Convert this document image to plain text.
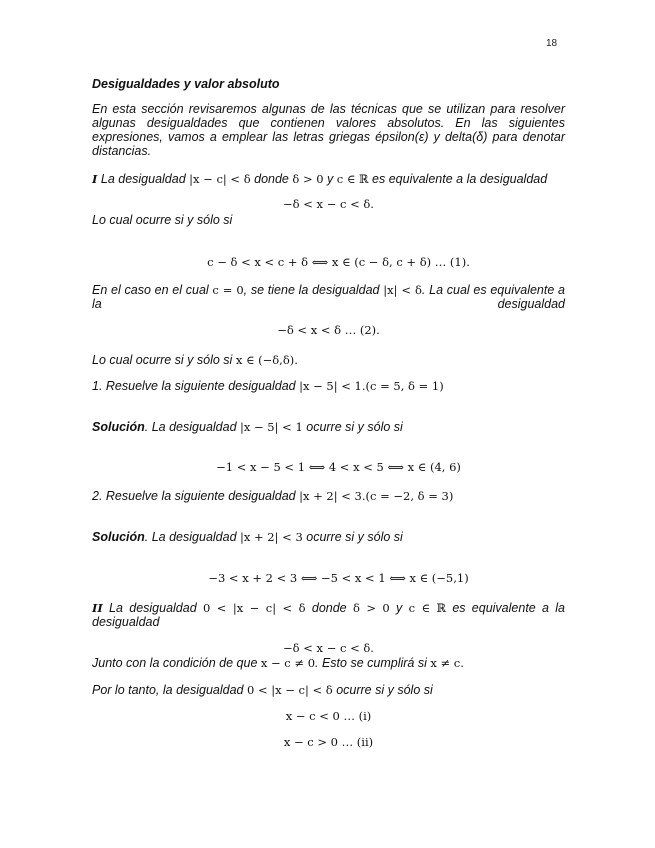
18
Desigualdades y valor absoluto
En esta sección revisaremos algunas de las técnicas que se utilizan para resolver algunas desigualdades que contienen valores absolutos. En las siguientes expresiones, vamos a emplear las letras griegas épsilon(ε) y delta(δ) para denotar distancias.
I La desigualdad |x − c| < δ donde δ > 0 y c ∈ ℝ es equivalente a la desigualdad
−δ < x − c < δ.
Lo cual ocurre si y sólo si
c − δ < x < c + δ ⟺ x ∈ (c − δ, c + δ) … (1).
En el caso en el cual c = 0, se tiene la desigualdad |x| < δ. La cual es equivalente a la desigualdad
−δ < x < δ … (2).
Lo cual ocurre si y sólo si x ∈ (−δ,δ).
1. Resuelve la siguiente desigualdad |x − 5| < 1.(c = 5, δ = 1)
Solución. La desigualdad |x − 5| < 1 ocurre si y sólo si
−1 < x − 5 < 1 ⟺ 4 < x < 5 ⟺ x ∈ (4, 6)
2. Resuelve la siguiente desigualdad |x + 2| < 3.(c = −2, δ = 3)
Solución. La desigualdad |x + 2| < 3 ocurre si y sólo si
−3 < x + 2 < 3 ⟺ −5 < x < 1 ⟺ x ∈ (−5,1)
II La desigualdad 0 < |x − c| < δ donde δ > 0 y c ∈ ℝ es equivalente a la
desigualdad
−δ < x − c < δ.
Junto con la condición de que x − c ≠ 0. Esto se cumplirá si x ≠ c.
Por lo tanto, la desigualdad 0 < |x − c| < δ ocurre si y sólo si
x − c < 0 … (i)
x − c > 0 … (ii)
